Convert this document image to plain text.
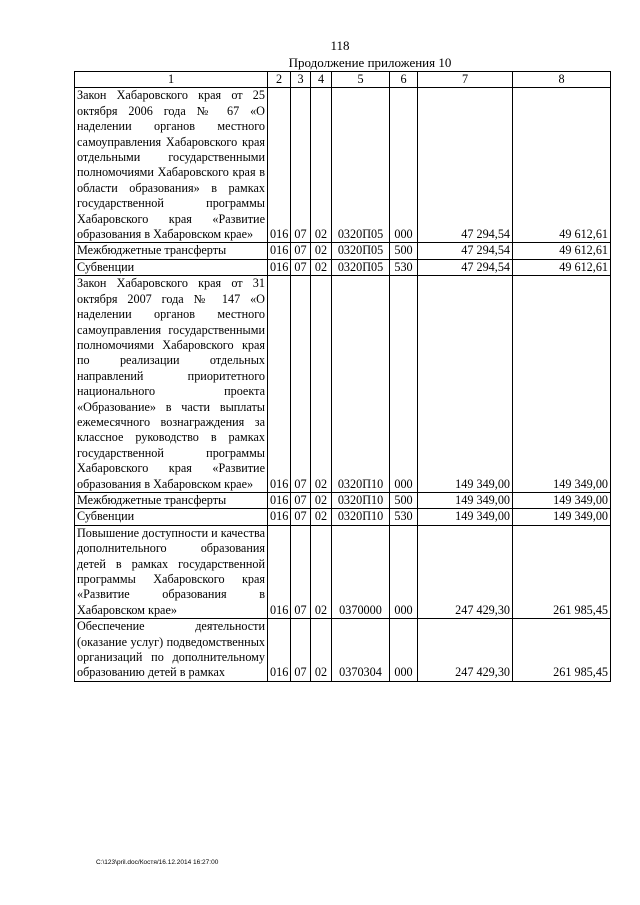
118
Продолжение приложения 10
1	2	3	4	5	6	7	8
Закон Хабаровского края от 25 октября 2006 года № 67 «О наделении органов местного самоуправления Хабаровского края отдельными государственными полномочиями Хабаровского края в области образования» в рамках государственной программы Хабаровского края «Развитие образования в Хабаровском крае»	016	07	02	0320П05	000	47 294,54	49 612,61
Межбюджетные трансферты	016	07	02	0320П05	500	47 294,54	49 612,61
Субвенции	016	07	02	0320П05	530	47 294,54	49 612,61
Закон Хабаровского края от 31 октября 2007 года № 147 «О наделении органов местного самоуправления государственными полномочиями Хабаровского края по реализации отдельных направлений приоритетного национального проекта «Образование» в части выплаты ежемесячного вознаграждения за классное руководство в рамках государственной программы Хабаровского края «Развитие образования в Хабаровском крае»	016	07	02	0320П10	000	149 349,00	149 349,00
Межбюджетные трансферты	016	07	02	0320П10	500	149 349,00	149 349,00
Субвенции	016	07	02	0320П10	530	149 349,00	149 349,00
Повышение доступности и качества дополнительного образования детей в рамках государственной программы Хабаровского края «Развитие образования в Хабаровском крае»	016	07	02	0370000	000	247 429,30	261 985,45
Обеспечение деятельности (оказание услуг) подведомственных организаций по дополнительному образованию детей в рамках	016	07	02	0370304	000	247 429,30	261 985,45
C:\123\pril.doc/Костя/16.12.2014 16:27:00
